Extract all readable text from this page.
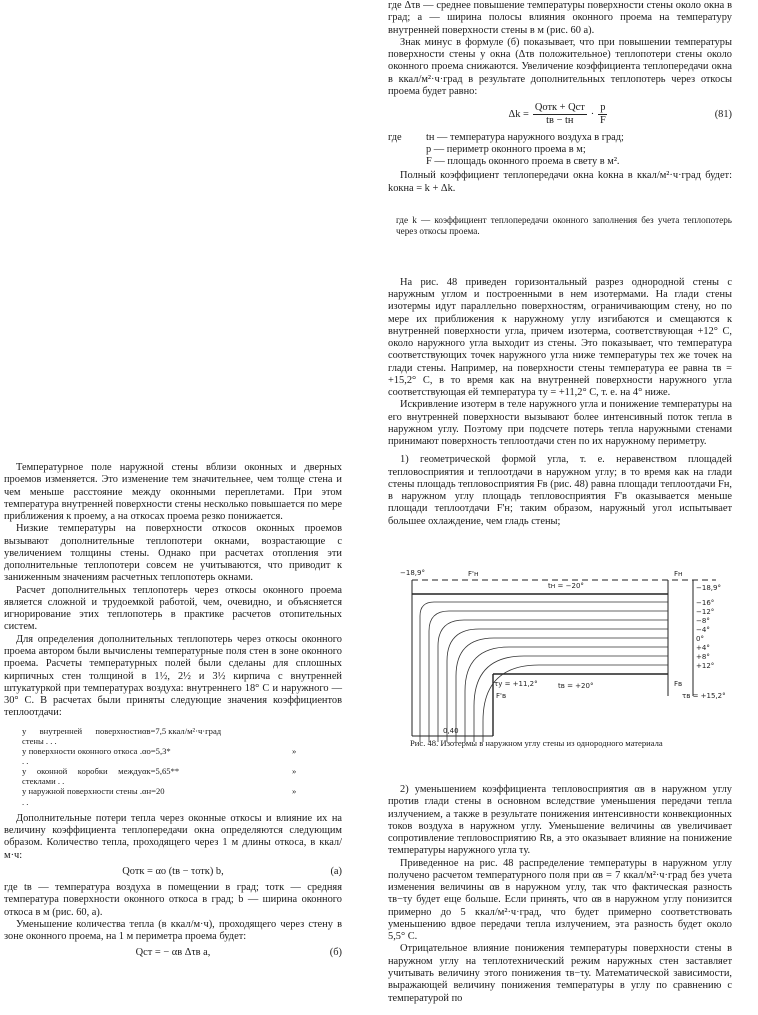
где Δτв — среднее повышение температуры поверхности стены около окна в град; a — ширина полосы влияния оконного проема на температуру внутренней поверхности стены в м (рис. 60 а).

Знак минус в формуле (б) показывает, что при повышении температуры поверхности стены у окна (Δτв положительное) теплопотери стены около оконного проема снижаются. Увеличение коэффициента теплопередачи окна в ккал/м²·ч·град в результате дополнительных теплопотерь через откосы проема будет равно:

$\Delta k = \frac{\text{Qотк + Qст}}{tв - tн} \cdot \frac{p}{F}$	(81)
где	tн — температура наружного воздуха в град;
p — периметр оконного проема в м;
F — площадь оконного проема в свету в м².

Полный коэффициент теплопередачи окна kокна в ккал/м²·ч·град будет: kокна = k + Δk.

где k — коэффициент теплопередачи оконного заполнения без учета теплопотерь через откосы проема.

На рис. 48 приведен горизонтальный разрез однородной стены с наружным углом и построенными в нем изотермами. На глади стены изотермы идут параллельно поверхностям, ограничивающим стену, но по мере их приближения к наружному углу изгибаются и смещаются к внутренней поверхности угла, причем изотерма, соответствующая +12° С, около наружного угла выходит из стены. Это показывает, что температура соответствующих точек наружного угла ниже температуры тех же точек на глади стены. Например, на поверхности стены температура ее равна τв = +15,2° С, в то время как на внутренней поверхности наружного угла соответствующая ей температура τу = +11,2° С, т. е. на 4° ниже.

Искривление изотерм в теле наружного угла и понижение температуры на его внутренней поверхности вызывают более интенсивный поток тепла в наружном углу. Поэтому при подсчете потерь тепла наружными стенами принимают поверхность теплоотдачи стен по их наружному периметру.

1) геометрической формой угла, т. е. неравенством площадей тепловосприятия и теплоотдачи в наружном углу; в то время как на глади стены площадь тепловосприятия Fв (рис. 48) равна площади теплоотдачи Fн, в наружном углу площадь тепловосприятия F'в оказывается меньше площади теплоотдачи F'н; таким образом, наружный угол испытывает большее охлаждение, чем гладь стены;

−18,9°	F'н
tн = −20°
Fн
−18,9°
τу = +11,2°	tв = +20°	Fв
τв = +15,2°
F'в
0,40
−16°
−12°
−8°
−4°
0°
+4°
+8°
+12°
Рис. 48. Изотермы в наружном углу стены из однородного материала

Температурное поле наружной стены вблизи оконных и дверных проемов изменяется. Это изменение тем значительнее, чем толще стена и чем меньше расстояние между оконными переплетами. При этом температура внутренней поверхности стены несколько повышается по мере приближения к проему, а на откосах проема резко понижается.

Низкие температуры на поверхности откосов оконных проемов вызывают дополнительные теплопотери окнами, возрастающие с увеличением толщины стены. Однако при расчетах отопления эти дополнительные теплопотери совсем не учитываются, что приводит к заниженным значениям расчетных теплопотерь окнами.

Расчет дополнительных теплопотерь через откосы оконного проема является сложной и трудоемкой работой, чем, очевидно, и объясняется игнорирование этих теплопотерь в практике расчетов отопительных систем.

Для определения дополнительных теплопотерь через откосы оконного проема автором были вычислены температурные поля стен в зоне оконного проема. Расчеты температурных полей были сделаны для сплошных кирпичных стен толщиной в 1½, 2½ и 3½ кирпича с внутренней штукатуркой при температурах воздуха: внутреннего 18° С и наружного —30° С. В расчетах были приняты следующие значения коэффициентов теплоотдачи:

у внутренней поверхности стены . . .
αв=7,5 ккал/м²·ч·град
у поверхности оконного откоса . . .
αо=5,3*	»
у оконной коробки между стеклами . .
αк=5,65**	»
у наружной поверхности стены . . .
αн=20	»

Дополнительные потери тепла через оконные откосы и влияние их на величину коэффициента теплопередачи окна определяются следующим образом. Количество тепла, проходящего через 1 м длины откоса, в ккал/м·ч:

Qотк = αо (tв − τотк) b,	(а)

где tв — температура воздуха в помещении в град; τотк — средняя температура поверхности оконного откоса в град; b — ширина оконного откоса в м (рис. 60, а).

Уменьшение количества тепла (в ккал/м·ч), проходящего через стену в зоне оконного проема, на 1 м периметра проема будет:

Qст = − αв Δτв a,	(б)

2) уменьшением коэффициента тепловосприятия αв в наружном углу против глади стены в основном вследствие уменьшения передачи тепла излучением, а также в результате понижения интенсивности конвекционных токов воздуха в наружном углу. Уменьшение величины αв увеличивает сопротивление тепловосприятию Rв, а это оказывает влияние на понижение температуры наружного угла τу.

Приведенное на рис. 48 распределение температуры в наружном углу получено расчетом температурного поля при αв = 7 ккал/м²·ч·град без учета изменения величины αв в наружном углу, так что фактическая разность τв−τу будет еще больше. Если принять, что αв в наружном углу понизится примерно до 5 ккал/м²·ч·град, что будет примерно соответствовать уменьшению вдвое передачи тепла излучением, эта разность будет около 5,5° С.

Отрицательное влияние понижения температуры поверхности стены в наружном углу на теплотехнический режим наружных стен заставляет учитывать величину этого понижения τв−τу. Математической зависимости, выражающей величину понижения температуры в углу по сравнению с температурой по
